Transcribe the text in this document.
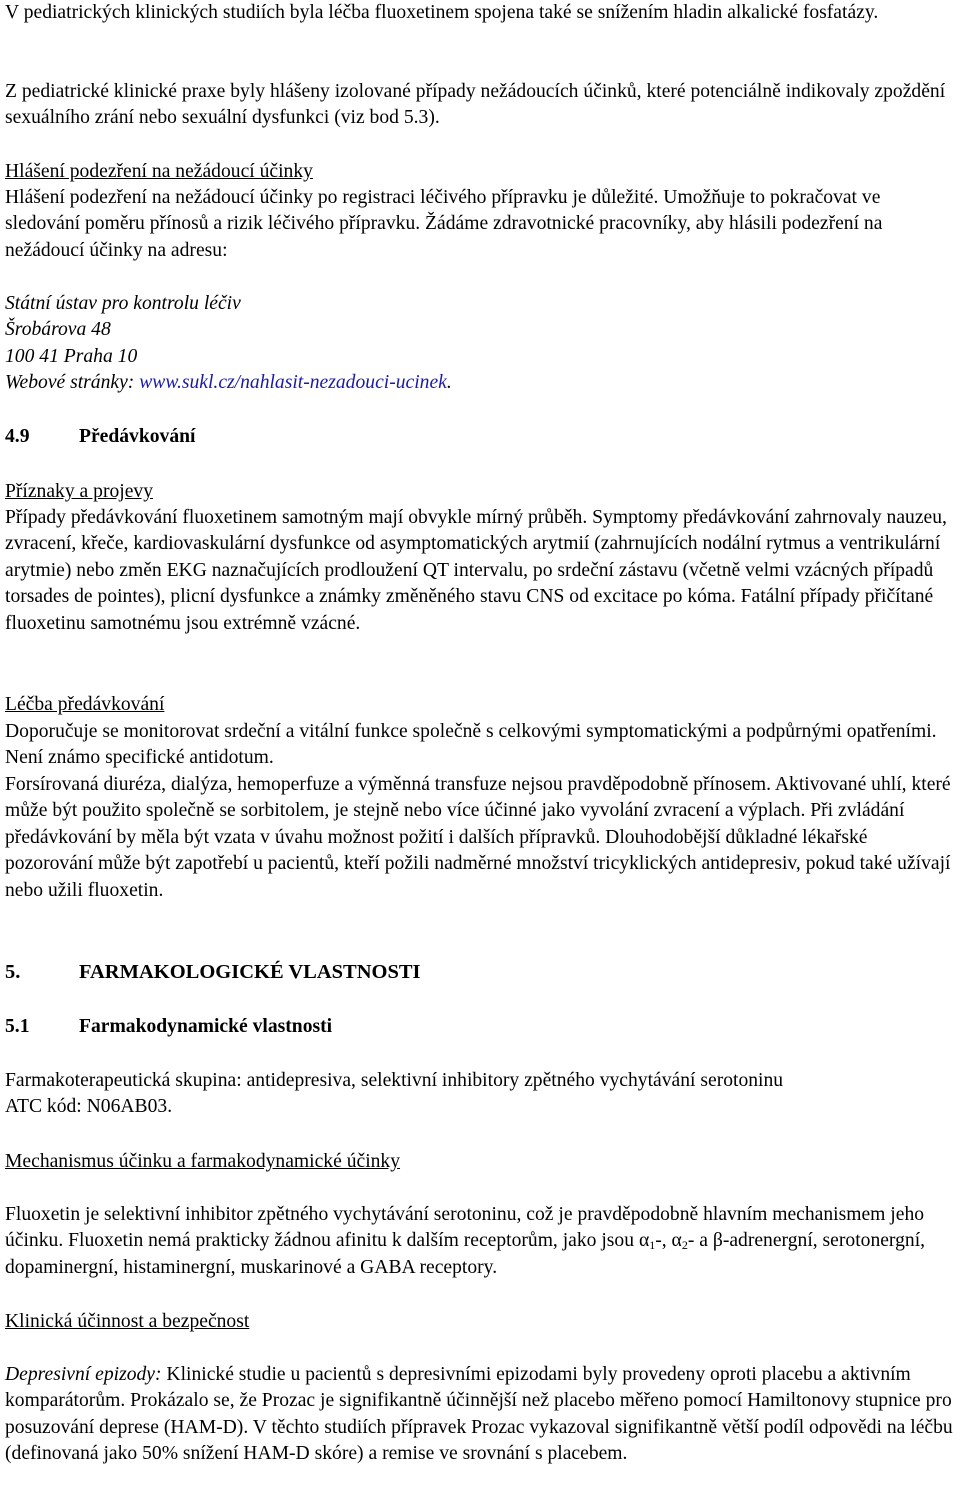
V pediatrických klinických studiích byla léčba fluoxetinem spojena také se snížením hladin alkalické fosfatázy.

Z pediatrické klinické praxe byly hlášeny izolované případy nežádoucích účinků, které potenciálně indikovaly zpoždění sexuálního zrání nebo sexuální dysfunkci (viz bod 5.3).

Hlášení podezření na nežádoucí účinky

Hlášení podezření na nežádoucí účinky po registraci léčivého přípravku je důležité. Umožňuje to pokračovat ve sledování poměru přínosů a rizik léčivého přípravku. Žádáme zdravotnické pracovníky, aby hlásili podezření na nežádoucí účinky na adresu:

Státní ústav pro kontrolu léčiv
Šrobárova 48
100 41 Praha 10
Webové stránky: www.sukl.cz/nahlasit-nezadouci-ucinek.
4.9	Předávkování

Příznaky a projevy

Případy předávkování fluoxetinem samotným mají obvykle mírný průběh. Symptomy předávkování zahrnovaly nauzeu, zvracení, křeče, kardiovaskulární dysfunkce od asymptomatických arytmií (zahrnujících nodální rytmus a ventrikulární arytmie) nebo změn EKG naznačujících prodloužení QT intervalu, po srdeční zástavu (včetně velmi vzácných případů torsades de pointes), plicní dysfunkce a známky změněného stavu CNS od excitace po kóma. Fatální případy přičítané fluoxetinu samotnému jsou extrémně vzácné.

Léčba předávkování

Doporučuje se monitorovat srdeční a vitální funkce společně s celkovými symptomatickými a podpůrnými opatřeními. Není známo specifické antidotum.

Forsírovaná diuréza, dialýza, hemoperfuze a výměnná transfuze nejsou pravděpodobně přínosem. Aktivované uhlí, které může být použito společně se sorbitolem, je stejně nebo více účinné jako vyvolání zvracení a výplach. Při zvládání předávkování by měla být vzata v úvahu možnost požití i dalších přípravků. Dlouhodobější důkladné lékařské pozorování může být zapotřebí u pacientů, kteří požili nadměrné množství tricyklických antidepresiv, pokud také užívají nebo užili fluoxetin.

5.	FARMAKOLOGICKÉ VLASTNOSTI
5.1	Farmakodynamické vlastnosti
Farmakoterapeutická skupina: antidepresiva, selektivní inhibitory zpětného vychytávání serotoninu
ATC kód: N06AB03.

Mechanismus účinku a farmakodynamické účinky

Fluoxetin je selektivní inhibitor zpětného vychytávání serotoninu, což je pravděpodobně hlavním mechanismem jeho účinku. Fluoxetin nemá prakticky žádnou afinitu k dalším receptorům, jako jsou $\alpha_1-$, $\alpha_2-$ a β-adrenergní, serotonergní, dopaminergní, histaminergní, muskarinové a GABA receptory.

Klinická účinnost a bezpečnost

Depresivní epizody: Klinické studie u pacientů s depresivními epizodami byly provedeny oproti placebu a aktivním komparátorům. Prokázalo se, že Prozac je signifikantně účinnější než placebo měřeno pomocí Hamiltonovy stupnice pro posuzování deprese (HAM-D). V těchto studiích přípravek Prozac vykazoval signifikantně větší podíl odpovědi na léčbu (definovaná jako 50% snížení HAM-D skóre) a remise ve srovnání s placebem.
